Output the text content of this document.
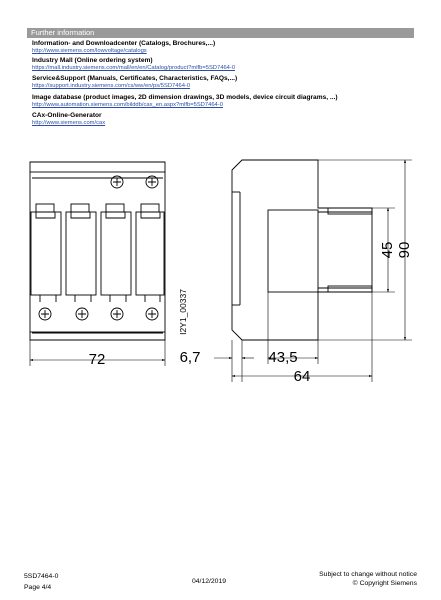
Further information
Information- and Downloadcenter (Catalogs, Brochures,...)
http://www.siemens.com/lowvoltage/catalogs
Industry Mall (Online ordering system)
https://mall.industry.siemens.com/mall/en/en/Catalog/product?mlfb=5SD7464-0
Service&Support (Manuals, Certificates, Characteristics, FAQs,...)
https://support.industry.siemens.com/cs/ww/en/ps/5SD7464-0
Image database (product images, 2D dimension drawings, 3D models, device circuit diagrams, ...)
http://www.automation.siemens.com/bilddb/cax_en.aspx?mlfb=5SD7464-0
CAx-Online-Generator
http://www.siemens.com/cax
72	6,7	43,5
64
45 90
I2Y1_00337
5SD7464-0
Page 4/4
04/12/2019
Subject to change without notice
© Copyright Siemens
